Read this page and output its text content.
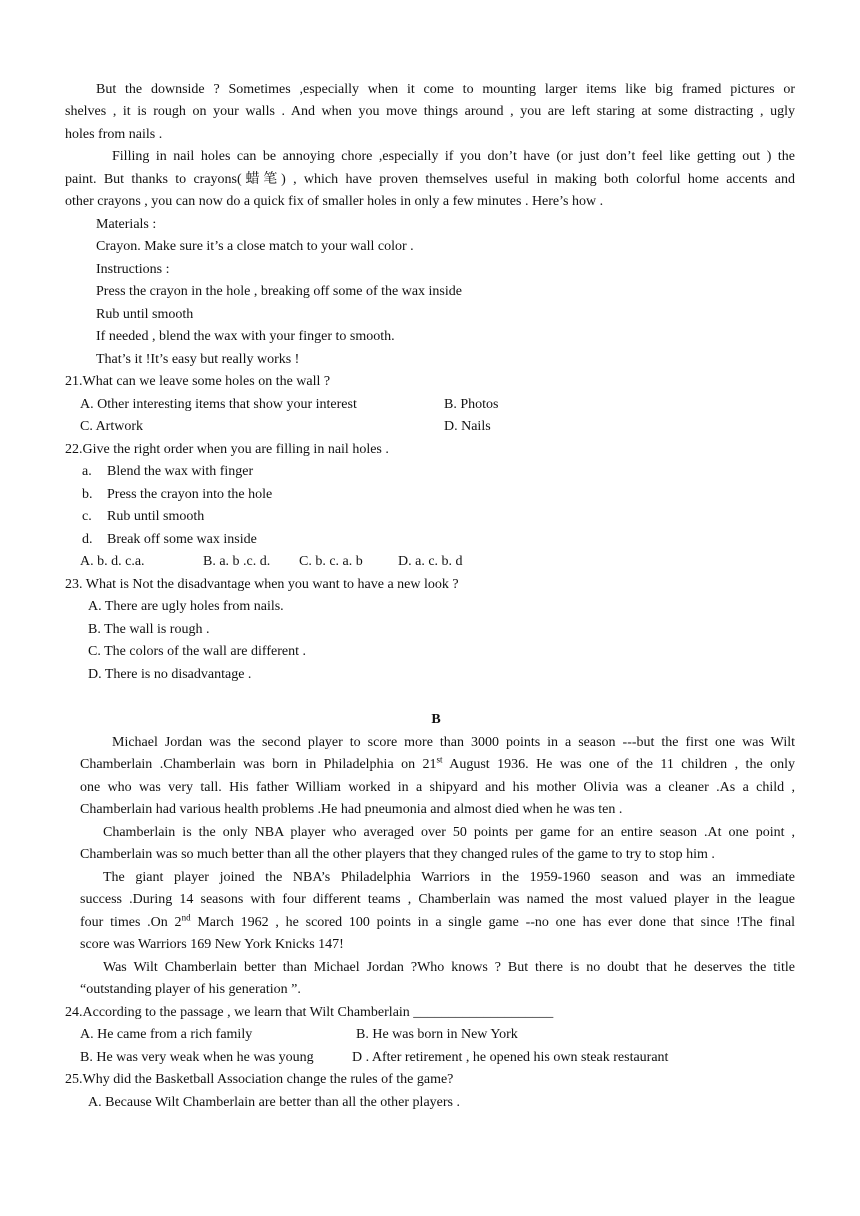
But the downside ? Sometimes ,especially when it come to mounting larger items like big framed pictures or
shelves , it is rough on your walls . And when you move things around , you are left staring at some distracting , ugly
holes from nails .
Filling in nail holes can be annoying chore ,especially if you don’t have (or just don’t feel like getting out ) the
paint. But thanks to crayons(蜡笔) , which have proven themselves useful in making both colorful home accents and
other crayons , you can now do a quick fix of smaller holes in only a few minutes . Here’s how .
Materials :
Crayon. Make sure it’s a close match to your wall color .
Instructions :
Press the crayon in the hole , breaking off some of the wax inside
Rub until smooth
If needed , blend the wax with your finger to smooth.
That’s it !It’s easy but really works !
21.What can we leave some holes on the wall ?
A. Other interesting items that show your interest	B. Photos
C. Artwork	D. Nails
22.Give the right order when you are filling in nail holes .
a. Blend the wax with finger
b. Press the crayon into the hole
c. Rub until smooth
d. Break off some wax inside
A. b. d. c.a.	B. a. b .c. d. C. b. c. a. b	D. a. c. b. d
23. What is Not the disadvantage when you want to have a new look ?
A. There are ugly holes from nails.
B. The wall is rough .
C. The colors of the wall are different .
D. There is no disadvantage .
B
Michael Jordan was the second player to score more than 3000 points in a season ---but the first one was Wilt
Chamberlain .Chamberlain was born in Philadelphia on 21st August 1936. He was one of the 11 children , the only
one who was very tall. His father William worked in a shipyard and his mother Olivia was a cleaner .As a child ,
Chamberlain had various health problems .He had pneumonia and almost died when he was ten .
Chamberlain is the only NBA player who averaged over 50 points per game for an entire season .At one point ,
Chamberlain was so much better than all the other players that they changed rules of the game to try to stop him .
The giant player joined the NBA’s Philadelphia Warriors in the 1959-1960 season and was an immediate
success .During 14 seasons with four different teams , Chamberlain was named the most valued player in the league
four times .On 2nd March 1962 , he scored 100 points in a single game --no one has ever done that since !The final
score was Warriors 169 New York Knicks 147!
Was Wilt Chamberlain better than Michael Jordan ?Who knows ? But there is no doubt that he deserves the title
“outstanding player of his generation ”.
24.According to the passage , we learn that Wilt Chamberlain ____________________
A. He came from a rich family	B. He was born in New York
B. He was very weak when he was young	D . After retirement , he opened his own steak restaurant
25.Why did the Basketball Association change the rules of the game?
A. Because Wilt Chamberlain are better than all the other players .
